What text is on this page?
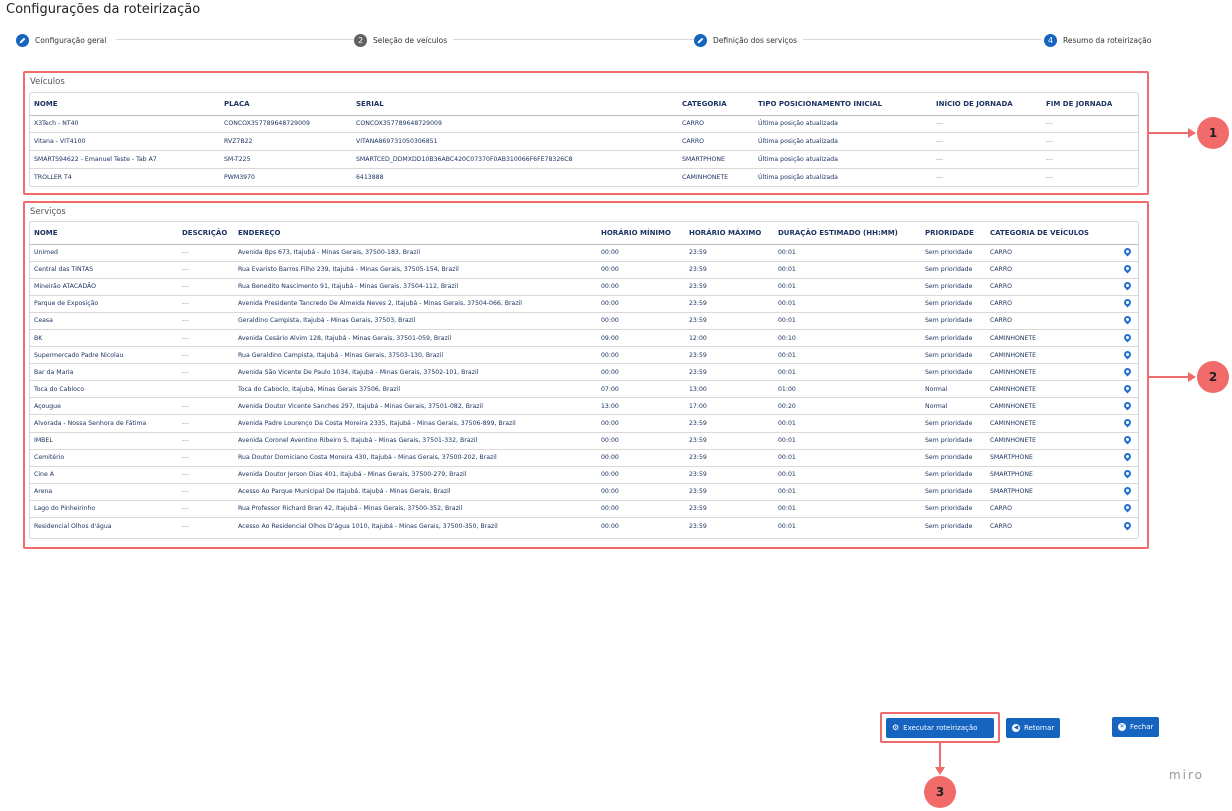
Configurações da roteirização
Configuração geral	2	Seleção de veículos	Definição dos serviços	4	Resumo da roteirização
Veículos
NOME	PLACA	SERIAL	CATEGORIA	TIPO POSICIONAMENTO INICIAL	INÍCIO DE JORNADA	FIM DE JORNADA
X3Tech - NT40	CONCOX357789648729009	CONCOX357789648729009	CARRO	Última posição atualizada	---	---
Vitana - VIT4100	RVZ7B22	VITANA869731050306851	CARRO	Última posição atualizada	---	---
SMARTS94622 - Emanuel Teste - Tab A7	SM-T225	SMARTCED_DDMXDD10B36ABC420C07370F0AB310066F6FE78326C8	SMARTPHONE	Última posição atualizada	---	---
TROLLER T4	PWM3970	6413888	CAMINHONETE	Última posição atualizada	---	---
Serviços
NOME	DESCRIÇÃO	ENDEREÇO	HORÁRIO MÍNIMO	HORÁRIO MÁXIMO	DURAÇÃO ESTIMADO (HH:MM)	PRIORIDADE	CATEGORIA DE VEÍCULOS	
Unimed	---	Avenida Bps 673, Itajubá - Minas Gerais, 37500-183, Brazil	00:00	23:59	00:01	Sem prioridade	CARRO	
Central das TINTAS	---	Rua Evaristo Barros Filho 239, Itajubá - Minas Gerais, 37505-154, Brazil	00:00	23:59	00:01	Sem prioridade	CARRO	
Mineirão ATACADÃO	---	Rua Benedito Nascimento 91, Itajubá - Minas Gerais, 37504-112, Brazil	00:00	23:59	00:01	Sem prioridade	CARRO	
Parque de Exposição	---	Avenida Presidente Tancredo De Almeida Neves 2, Itajubá - Minas Gerais, 37504-066, Brazil	00:00	23:59	00:01	Sem prioridade	CARRO	
Ceasa	---	Geraldino Campista, Itajubá - Minas Gerais, 37503, Brazil	00:00	23:59	00:01	Sem prioridade	CARRO	
BK	---	Avenida Cesário Alvim 128, Itajubá - Minas Gerais, 37501-059, Brazil	09:00	12:00	00:10	Sem prioridade	CAMINHONETE	
Supermercado Padre Nicolau	---	Rua Geraldino Campista, Itajubá - Minas Gerais, 37503-130, Brazil	00:00	23:59	00:01	Sem prioridade	CAMINHONETE	
Bar da Maria	---	Avenida São Vicente De Paulo 1034, Itajubá - Minas Gerais, 37502-101, Brazil	00:00	23:59	00:01	Sem prioridade	CAMINHONETE	
Toca do Cabloco		Toca do Caboclo, Itajubá, Minas Gerais 37506, Brazil	07:00	13:00	01:00	Normal	CAMINHONETE	
Açougue	---	Avenida Doutor Vicente Sanches 297, Itajubá - Minas Gerais, 37501-082, Brazil	13:00	17:00	00:20	Normal	CAMINHONETE	
Alvorada - Nossa Senhora de Fátima	---	Avenida Padre Lourenço Da Costa Moreira 2335, Itajubá - Minas Gerais, 37506-899, Brazil	00:00	23:59	00:01	Sem prioridade	CAMINHONETE	
IMBEL	---	Avenida Coronel Aventino Ribeiro 5, Itajubá - Minas Gerais, 37501-332, Brazil	00:00	23:59	00:01	Sem prioridade	CAMINHONETE	
Cemitério	---	Rua Doutor Domiciano Costa Moreira 430, Itajubá - Minas Gerais, 37500-202, Brazil	00:00	23:59	00:01	Sem prioridade	SMARTPHONE	
Cine A	---	Avenida Doutor Jerson Dias 401, Itajubá - Minas Gerais, 37500-279, Brazil	00:00	23:59	00:01	Sem prioridade	SMARTPHONE	
Arena	---	Acesso Ao Parque Municipal De Itajubá, Itajubá - Minas Gerais, Brazil	00:00	23:59	00:01	Sem prioridade	SMARTPHONE	
Lago do Pinheirinho	---	Rua Professor Richard Bran 42, Itajubá - Minas Gerais, 37500-352, Brazil	00:00	23:59	00:01	Sem prioridade	CARRO	
Residencial Olhos d'água	---	Acesso Ao Residencial Olhos D'água 1010, Itajubá - Minas Gerais, 37500-350, Brazil	00:00	23:59	00:01	Sem prioridade	CARRO	
1
2
⚙ Executar roteirização	◀ Retornar	✕ Fechar
3
miro
